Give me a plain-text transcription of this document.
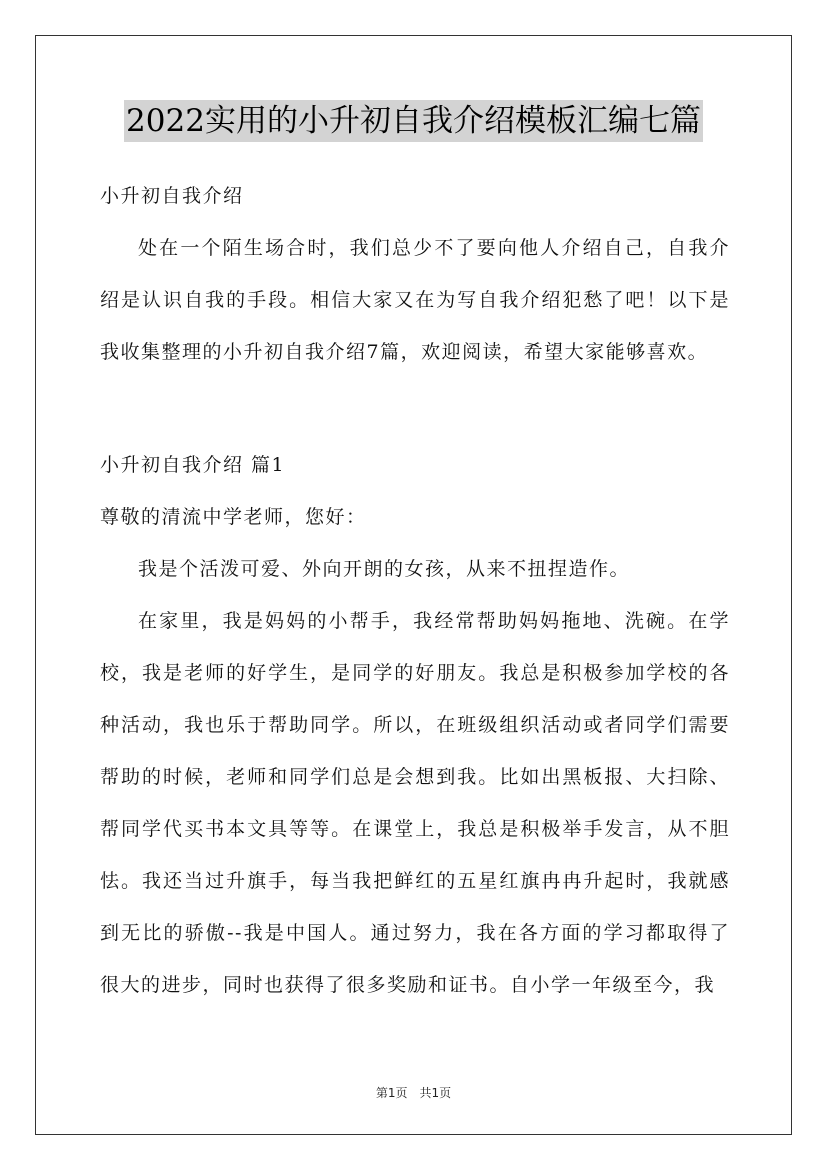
2022实用的小升初自我介绍模板汇编七篇
小升初自我介绍

处在一个陌生场合时，我们总少不了要向他人介绍自己，自我介绍是认识自我的手段。相信大家又在为写自我介绍犯愁了吧！以下是我收集整理的小升初自我介绍7篇，欢迎阅读，希望大家能够喜欢。

小升初自我介绍 篇1

尊敬的清流中学老师，您好：

我是个活泼可爱、外向开朗的女孩，从来不扭捏造作。

在家里，我是妈妈的小帮手，我经常帮助妈妈拖地、洗碗。在学校，我是老师的好学生，是同学的好朋友。我总是积极参加学校的各种活动，我也乐于帮助同学。所以，在班级组织活动或者同学们需要帮助的时候，老师和同学们总是会想到我。比如出黑板报、大扫除、帮同学代买书本文具等等。在课堂上，我总是积极举手发言，从不胆怯。我还当过升旗手，每当我把鲜红的五星红旗冉冉升起时，我就感到无比的骄傲--我是中国人。通过努力，我在各方面的学习都取得了很大的进步，同时也获得了很多奖励和证书。自小学一年级至今，我

第1页　共1页
